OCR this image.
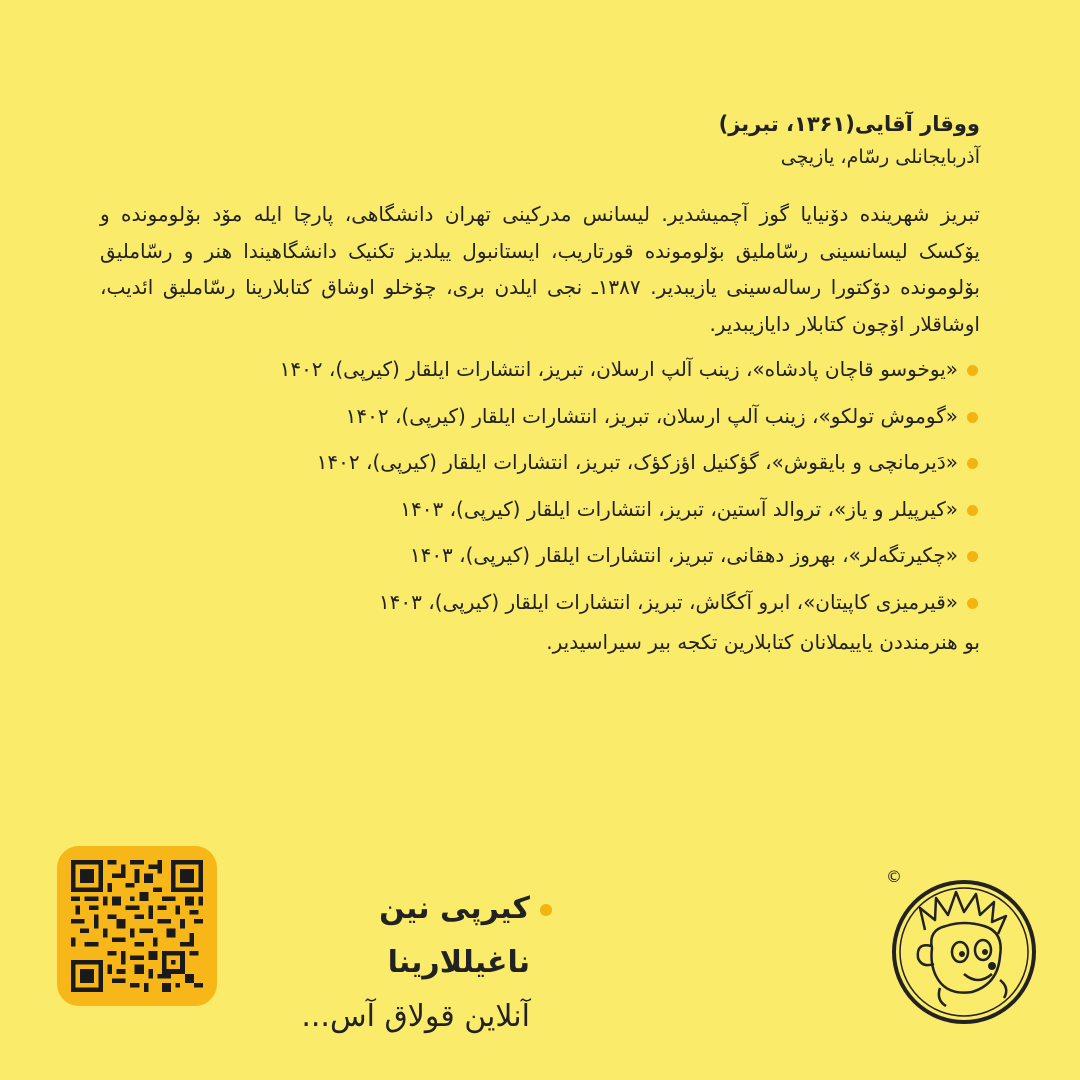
ووقار آقایی(۱۳۶۱، تبریز)

آذربایجانلی رسّام، یازیچی

تبریز شهرینده دۆنیایا گوز آچمیشدیر. لیسانس مدرکینی تهران دانشگاهی، پارچا ایله مۆد بۆلومونده و یۆکسک لیسانسینی رسّاملیق بۆلومونده قورتاریب، ایستانبول ییلدیز تکنیک دانشگاهیندا هنر و رسّاملیق بۆلومونده دۆکتورا رساله‌سینی یازیبدیر. ۱۳۸۷ـ نجی ایلدن بری، چۆخلو اوشاق کتابلارینا رسّاملیق ائدیب، اوشاقلار اۆچون کتابلار دایازیبدیر.

«یوخوسو قاچان پادشاه»، زینب آلپ ارسلان، تبریز، انتشارات ایلقار (کیرپی)، ۱۴۰۲
«گوموش تولکو»، زینب آلپ ارسلان، تبریز، انتشارات ایلقار (کیرپی)، ۱۴۰۲
«دَیرمانچی و بایقوش»، گؤکنیل اؤزکؤک، تبریز، انتشارات ایلقار (کیرپی)، ۱۴۰۲
«کیرپیلر و یاز»، تروالد آستین، تبریز، انتشارات ایلقار (کیرپی)، ۱۴۰۳
«چکیرتگه‌لر»، بهروز دهقانی، تبریز، انتشارات ایلقار (کیرپی)، ۱۴۰۳
«قیرمیزی کاپیتان»، ابرو آکگاش، تبریز، انتشارات ایلقار (کیرپی)، ۱۴۰۳

بو هنرمنددن یاییملانان کتابلارین تکجه بیر سیراسیدیر.

کیرپی نین ناغیللارینا
آنلاین قولاق آس...
©
